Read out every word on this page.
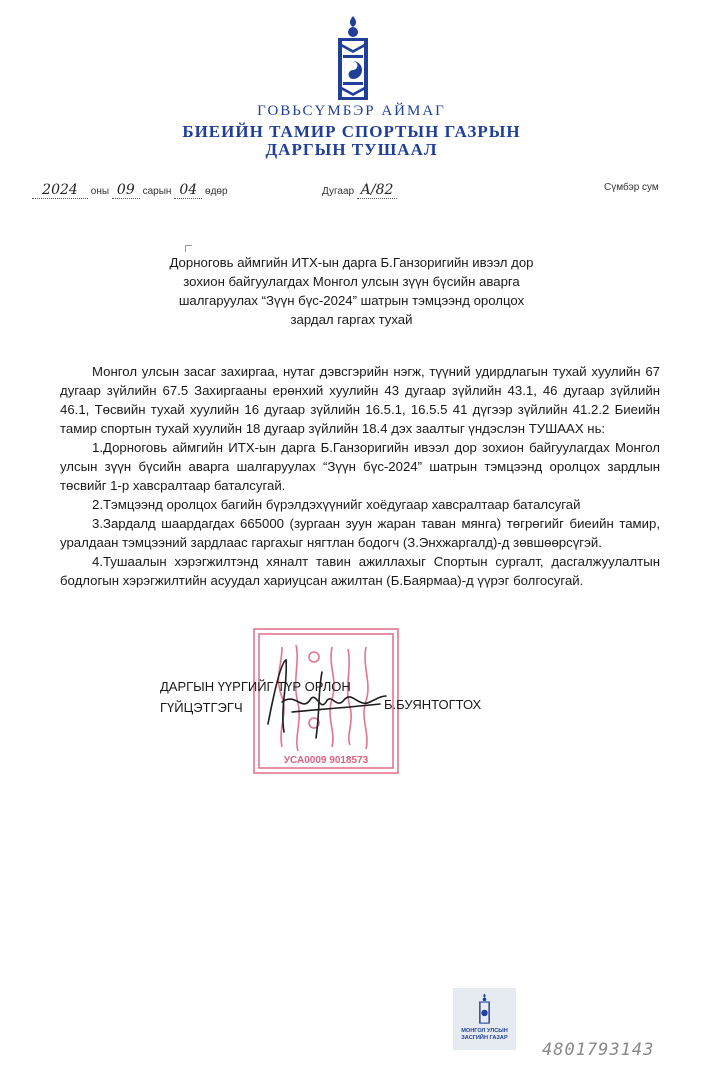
ГОВЬСҮМБЭР АЙМАГ
БИЕИЙН ТАМИР СПОРТЫН ГАЗРЫН
ДАРГЫН ТУШААЛ
2024 оны 09 сарын 04 өдөр	Дугаар А/82	Сүмбэр сум
Дорноговь аймгийн ИТХ-ын дарга Б.Ганзоригийн ивээл дор
зохион байгуулагдах Монгол улсын зүүн бүсийн аварга
шалгаруулах “Зүүн бүс-2024” шатрын тэмцээнд оролцох
зардал гаргах тухай

Монгол улсын засаг захиргаа, нутаг дэвсгэрийн нэгж, түүний удирдлагын тухай хуулийн 67 дугаар зүйлийн 67.5 Захиргааны ерөнхий хуулийн 43 дугаар зүйлийн 43.1, 46 дугаар зүйлийн 46.1, Төсвийн тухай хуулийн 16 дугаар зүйлийн 16.5.1, 16.5.5 41 дүгээр зүйлийн 41.2.2 Биеийн тамир спортын тухай хуулийн 18 дугаар зүйлийн 18.4 дэх заалтыг үндэслэн ТУШААХ нь:

1.Дорноговь аймгийн ИТХ-ын дарга Б.Ганзоригийн ивээл дор зохион байгуулагдах Монгол улсын зүүн бүсийн аварга шалгаруулах “Зүүн бүс-2024” шатрын тэмцээнд оролцох зардлын төсвийг 1-р хавсралтаар баталсугай.

2.Тэмцээнд оролцох багийн бүрэлдэхүүнийг хоёдугаар хавсралтаар баталсугай

3.Зардалд шаардагдах 665000 (зургаан зуун жаран таван мянга) төгрөгийг биеийн тамир, уралдаан тэмцээний зардлаас гаргахыг нягтлан бодогч (З.Энхжаргалд)-д зөвшөөрсүгэй.

4.Тушаалын хэрэгжилтэнд хяналт тавин ажиллахыг Спортын сургалт, дасгалжуулалтын бодлогын хэрэгжилтийн асуудал хариуцсан ажилтан (Б.Баярмаа)-д үүрэг болгосугай.

УСА0009 9018573
ДАРГЫН ҮҮРГИЙГ ТҮР ОРЛОН
ГҮЙЦЭТГЭГЧ	Б.БУЯНТОГТОХ
МОНГОЛ УЛСЫН
ЗАСГИЙН ГАЗАР
4801793143
